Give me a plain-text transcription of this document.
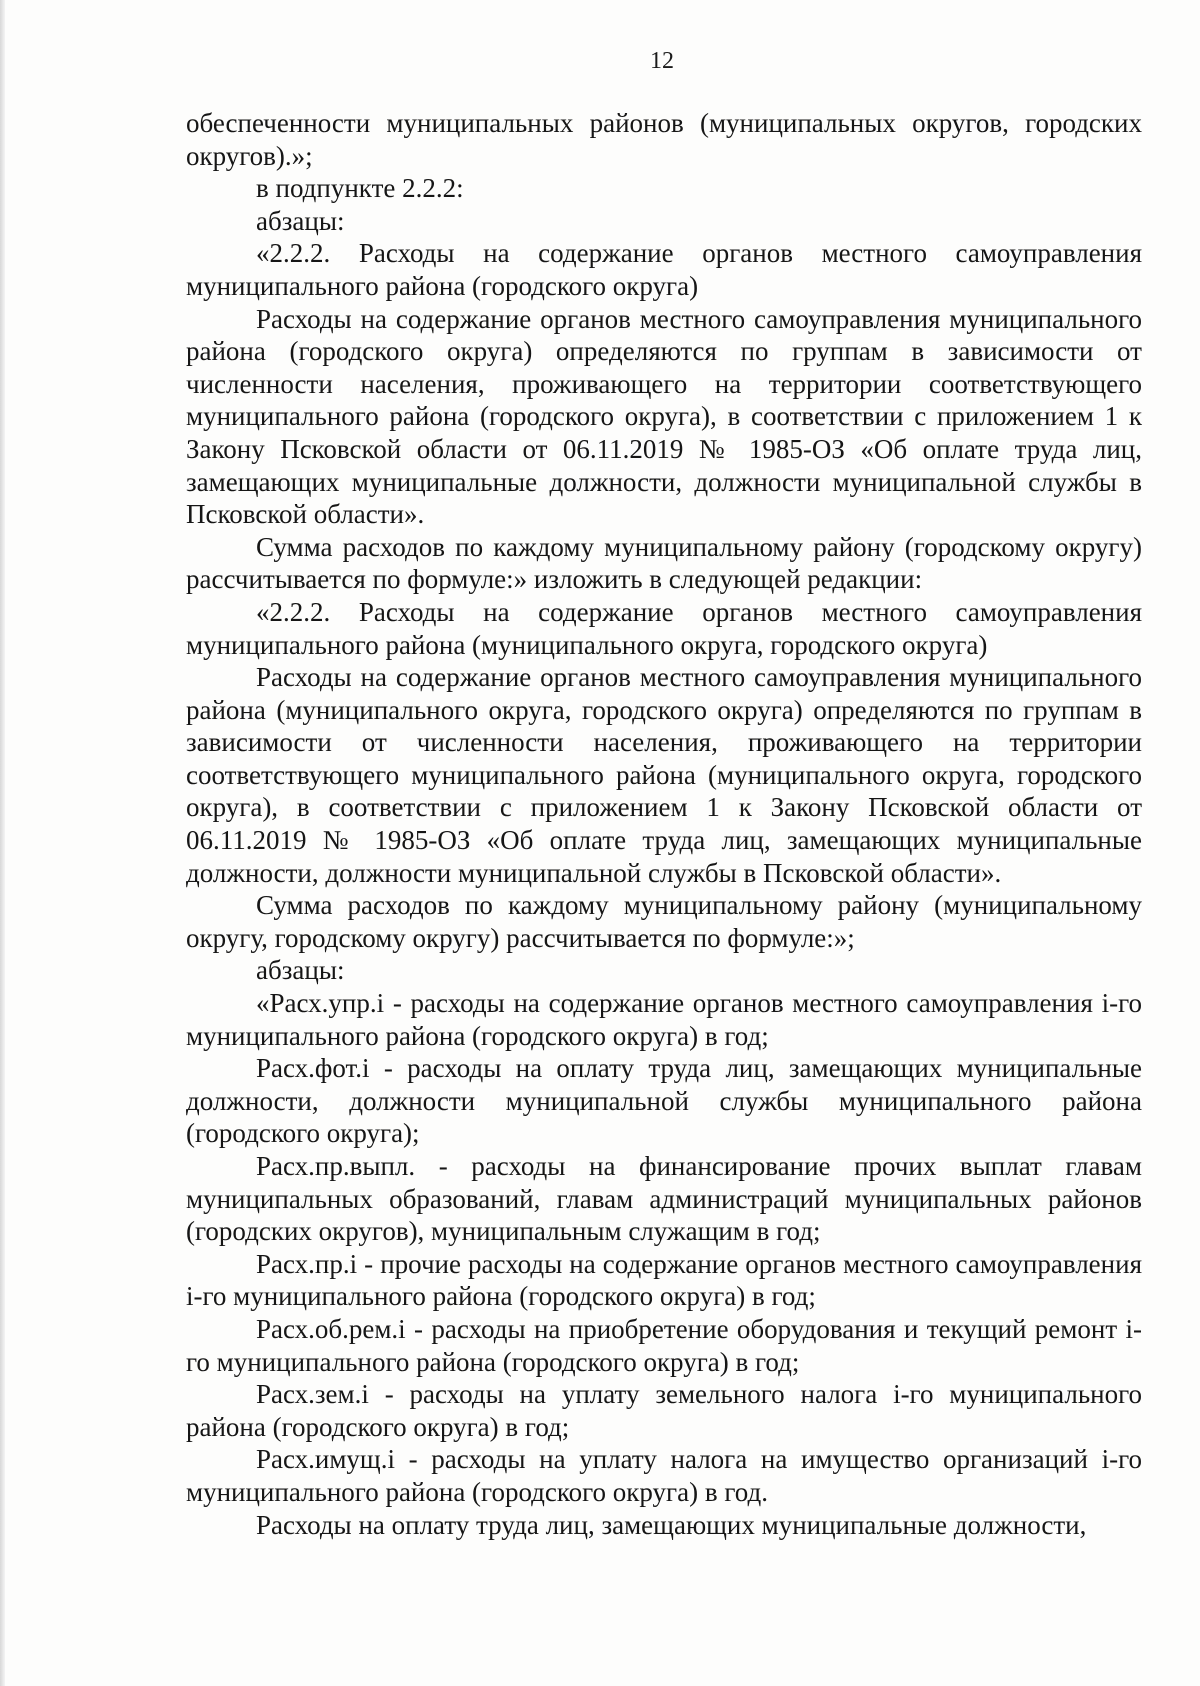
12

обеспеченности муниципальных районов (муниципальных округов, городских округов).»;

в подпункте 2.2.2:

абзацы:

«2.2.2. Расходы на содержание органов местного самоуправления муниципального района (городского округа)

Расходы на содержание органов местного самоуправления муниципального района (городского округа) определяются по группам в зависимости от численности населения, проживающего на территории соответствующего муниципального района (городского округа), в соответствии с приложением 1 к Закону Псковской области от 06.11.2019 № 1985-ОЗ «Об оплате труда лиц, замещающих муниципальные должности, должности муниципальной службы в Псковской области».

Сумма расходов по каждому муниципальному району (городскому округу) рассчитывается по формуле:» изложить в следующей редакции:

«2.2.2. Расходы на содержание органов местного самоуправления муниципального района (муниципального округа, городского округа)

Расходы на содержание органов местного самоуправления муниципального района (муниципального округа, городского округа) определяются по группам в зависимости от численности населения, проживающего на территории соответствующего муниципального района (муниципального округа, городского округа), в соответствии с приложением 1 к Закону Псковской области от 06.11.2019 № 1985-ОЗ «Об оплате труда лиц, замещающих муниципальные должности, должности муниципальной службы в Псковской области».

Сумма расходов по каждому муниципальному району (муниципальному округу, городскому округу) рассчитывается по формуле:»;

абзацы:

«Расх.упр.i - расходы на содержание органов местного самоуправления i-го муниципального района (городского округа) в год;

Расх.фот.i - расходы на оплату труда лиц, замещающих муниципальные должности, должности муниципальной службы муниципального района (городского округа);

Расх.пр.выпл. - расходы на финансирование прочих выплат главам муниципальных образований, главам администраций муниципальных районов (городских округов), муниципальным служащим в год;

Расх.пр.i - прочие расходы на содержание органов местного самоуправления i-го муниципального района (городского округа) в год;

Расх.об.рем.i - расходы на приобретение оборудования и текущий ремонт i-го муниципального района (городского округа) в год;

Расх.зем.i - расходы на уплату земельного налога i-го муниципального района (городского округа) в год;

Расх.имущ.i - расходы на уплату налога на имущество организаций i-го муниципального района (городского округа) в год.

Расходы на оплату труда лиц, замещающих муниципальные должности,
